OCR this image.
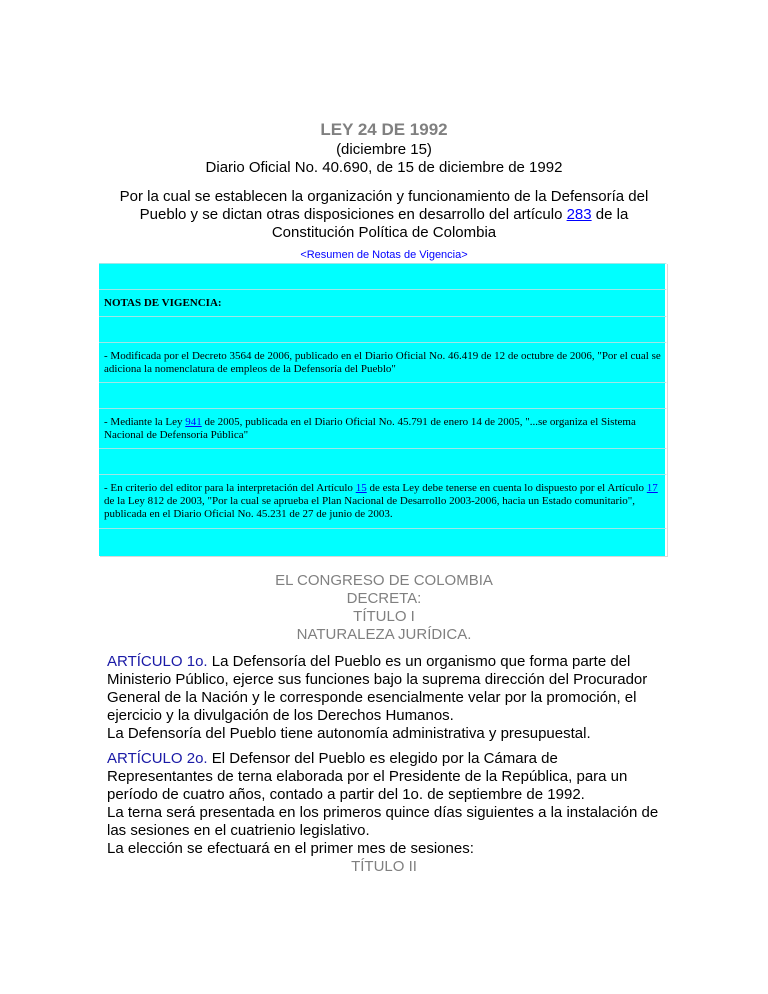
LEY 24 DE 1992
(diciembre 15)
Diario Oficial No. 40.690, de 15 de diciembre de 1992
Por la cual se establecen la organización y funcionamiento de la Defensoría del Pueblo y se dictan otras disposiciones en desarrollo del artículo 283 de la Constitución Política de Colombia
<Resumen de Notas de Vigencia>

NOTAS DE VIGENCIA:

- Modificada por el Decreto 3564 de 2006, publicado en el Diario Oficial No. 46.419 de 12 de octubre de 2006, "Por el cual se adiciona la nomenclatura de empleos de la Defensoría del Pueblo"

- Mediante la Ley 941 de 2005, publicada en el Diario Oficial No. 45.791 de enero 14 de 2005, "...se organiza el Sistema Nacional de Defensoría Pública"

- En criterio del editor para la interpretación del Artículo 15 de esta Ley debe tenerse en cuenta lo dispuesto por el Artículo 17 de la Ley 812 de 2003, "Por la cual se aprueba el Plan Nacional de Desarrollo 2003-2006, hacia un Estado comunitario", publicada en el Diario Oficial No. 45.231 de 27 de junio de 2003.

EL CONGRESO DE COLOMBIA
DECRETA:
TÍTULO I
NATURALEZA JURÍDICA.
ARTÍCULO 1o. La Defensoría del Pueblo es un organismo que forma parte del Ministerio Público, ejerce sus funciones bajo la suprema dirección del Procurador General de la Nación y le corresponde esencialmente velar por la promoción, el ejercicio y la divulgación de los Derechos Humanos.
La Defensoría del Pueblo tiene autonomía administrativa y presupuestal.
ARTÍCULO 2o. El Defensor del Pueblo es elegido por la Cámara de Representantes de terna elaborada por el Presidente de la República, para un período de cuatro años, contado a partir del 1o. de septiembre de 1992.
La terna será presentada en los primeros quince días siguientes a la instalación de las sesiones en el cuatrienio legislativo.
La elección se efectuará en el primer mes de sesiones:
TÍTULO II
